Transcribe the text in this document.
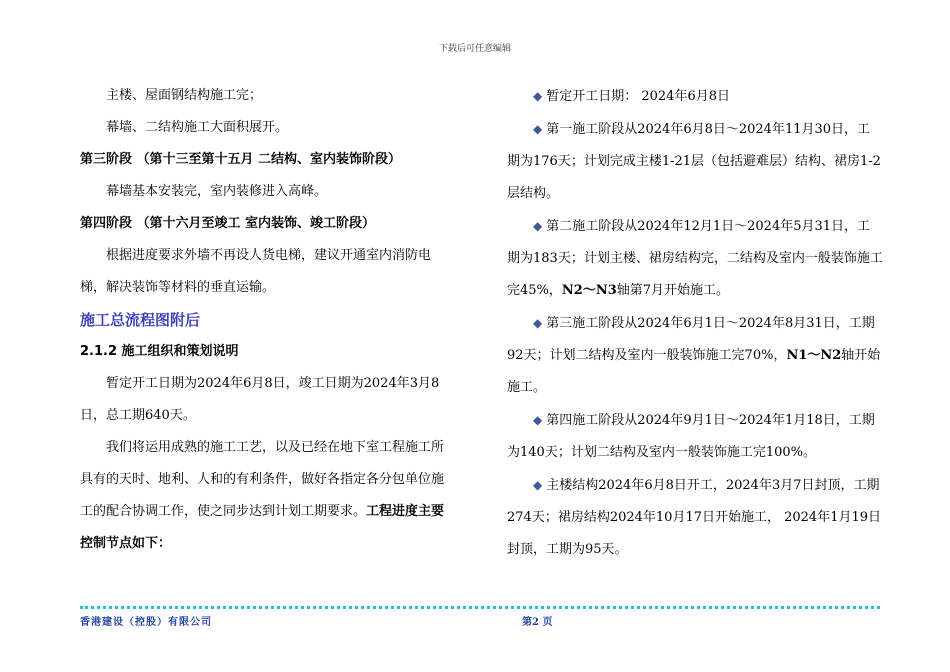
下载后可任意编辑

主楼、屋面钢结构施工完；

幕墙、二结构施工大面积展开。

第三阶段 （第十三至第十五月 二结构、室内装饰阶段）

幕墙基本安装完，室内装修进入高峰。

第四阶段 （第十六月至竣工 室内装饰、竣工阶段）

根据进度要求外墙不再设人货电梯，建议开通室内消防电梯，解决装饰等材料的垂直运输。

施工总流程图附后

2.1.2 施工组织和策划说明

暂定开工日期为2024年6月8日，竣工日期为2024年3月8日，总工期640天。

我们将运用成熟的施工工艺，以及已经在地下室工程施工所具有的天时、地利、人和的有利条件，做好各指定各分包单位施工的配合协调工作，使之同步达到计划工期要求。工程进度主要控制节点如下：

◆ 暂定开工日期： 2024年6月8日

◆ 第一施工阶段从2024年6月8日～2024年11月30日，工期为176天；计划完成主楼1-21层（包括避难层）结构、裙房1-2层结构。

◆ 第二施工阶段从2024年12月1日～2024年5月31日，工期为183天；计划主楼、裙房结构完，二结构及室内一般装饰施工完45%，N2～N3轴第7月开始施工。

◆ 第三施工阶段从2024年6月1日～2024年8月31日，工期92天；计划二结构及室内一般装饰施工完70%，N1～N2轴开始施工。

◆ 第四施工阶段从2024年9月1日～2024年1月18日，工期为140天；计划二结构及室内一般装饰施工完100%。

◆ 主楼结构2024年6月8日开工，2024年3月7日封顶，工期274天；裙房结构2024年10月17日开始施工， 2024年1月19日封顶，工期为95天。

香港建设（控股）有限公司	第2 页
